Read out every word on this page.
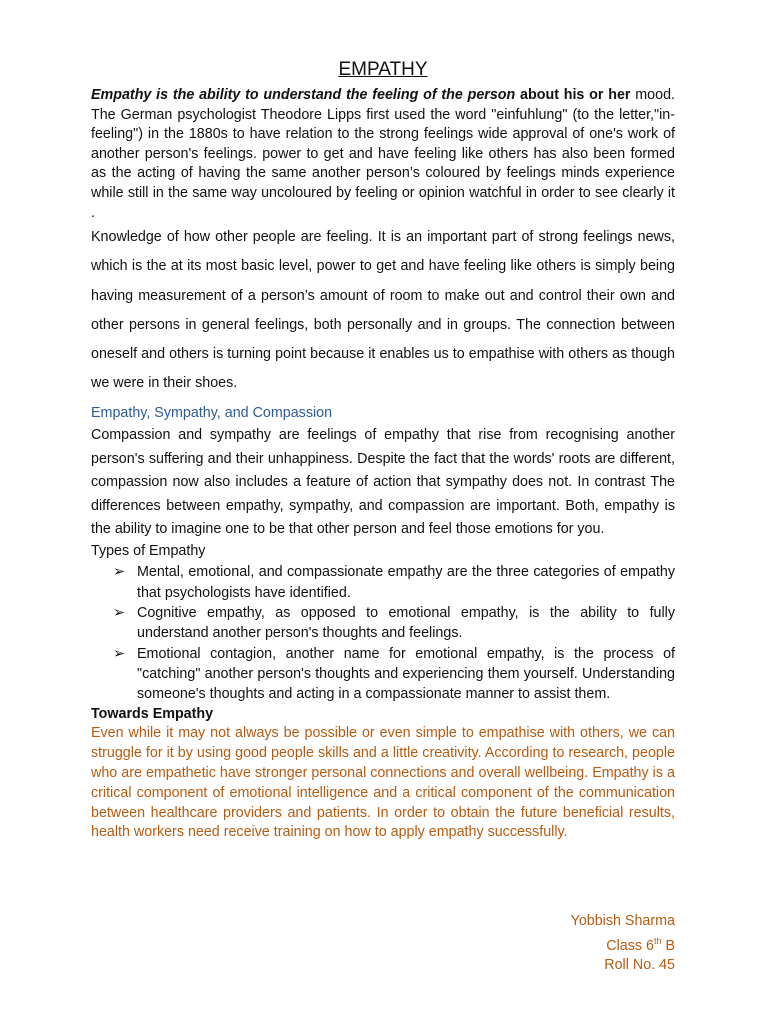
EMPATHY

Empathy is the ability to understand the feeling of the person about his or her mood. The German psychologist Theodore Lipps first used the word "einfuhlung" (to the letter,"in-feeling") in the 1880s to have relation to the strong feelings wide approval of one's work of another person's feelings. power to get and have feeling like others has also been formed as the acting of having the same another person’s coloured by feelings minds experience while still in the same way uncoloured by feeling or opinion watchful in order to see clearly it .

Knowledge of how other people are feeling. It is an important part of strong feelings news, which is the at its most basic level, power to get and have feeling like others is simply being having measurement of a person’s amount of room to make out and control their own and other persons in general feelings, both personally and in groups. The connection between oneself and others is turning point because it enables us to empathise with others as though we were in their shoes.

Empathy, Sympathy, and Compassion

Compassion and sympathy are feelings of empathy that rise from recognising another person's suffering and their unhappiness. Despite the fact that the words' roots are different, compassion now also includes a feature of action that sympathy does not. In contrast The differences between empathy, sympathy, and compassion are important. Both, empathy is the ability to imagine one to be that other person and feel those emotions for you.

Types of Empathy

➢ Mental, emotional, and compassionate empathy are the three categories of empathy that psychologists have identified.
➢ Cognitive empathy, as opposed to emotional empathy, is the ability to fully understand another person's thoughts and feelings.
➢ Emotional contagion, another name for emotional empathy, is the process of "catching" another person's thoughts and experiencing them yourself. Understanding someone's thoughts and acting in a compassionate manner to assist them.

Towards Empathy

Even while it may not always be possible or even simple to empathise with others, we can struggle for it by using good people skills and a little creativity. According to research, people who are empathetic have stronger personal connections and overall wellbeing. Empathy is a critical component of emotional intelligence and a critical component of the communication between healthcare providers and patients. In order to obtain the future beneficial results, health workers need receive training on how to apply empathy successfully.

Yobbish Sharma
Class 6th B
Roll No. 45
